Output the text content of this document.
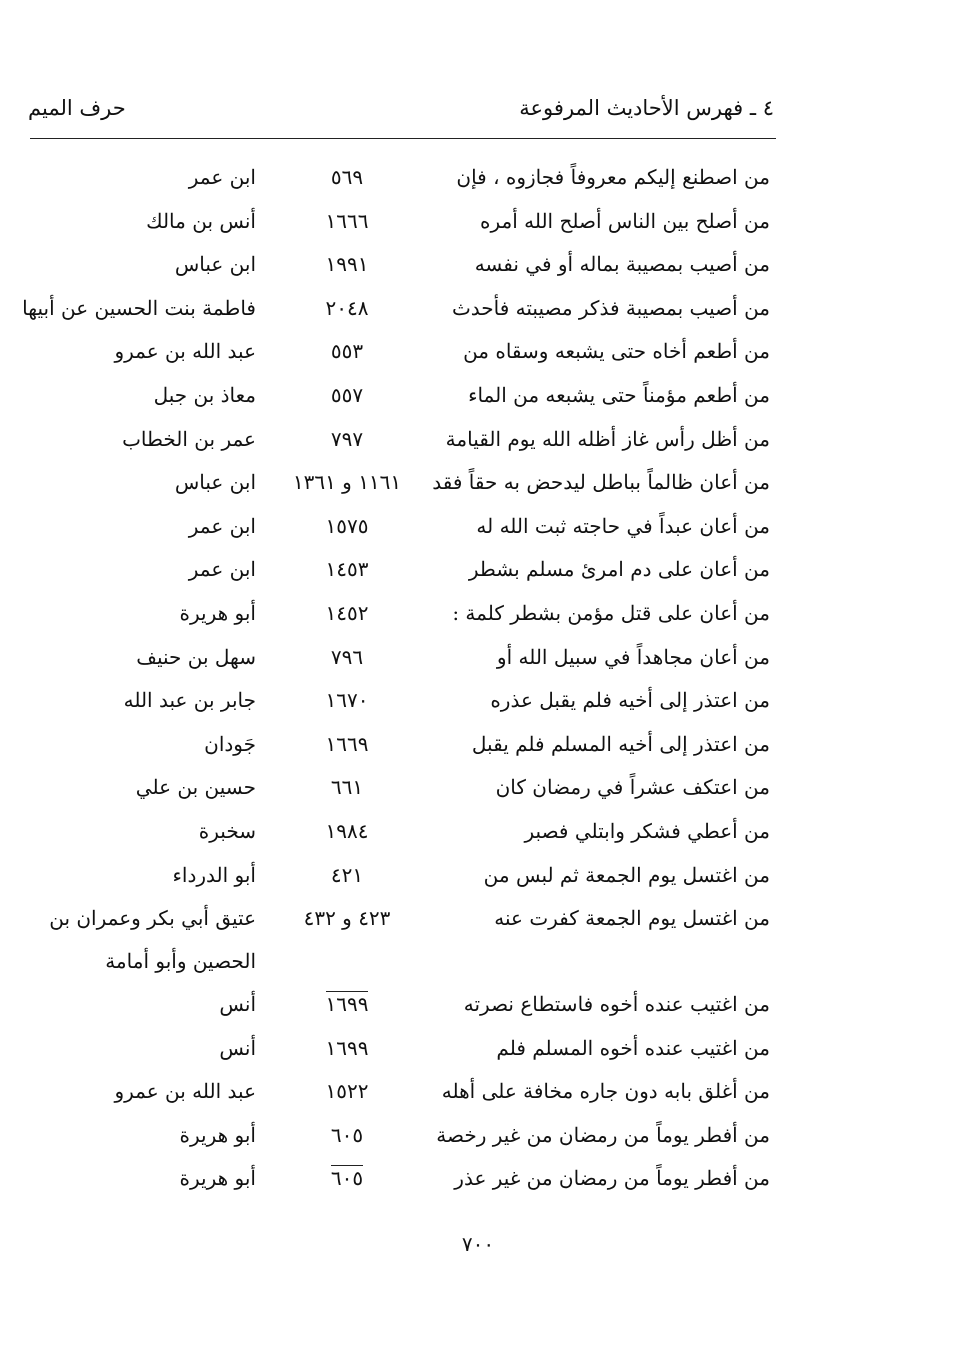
٤ ـ فهرس الأحاديث المرفوعة
حرف الميم
من اصطنع إليكم معروفاً فجازوه ، فإن
٥٦٩
ابن عمر
من أصلح بين الناس أصلح الله أمره
١٦٦٦
أنس بن مالك
من أصيب بمصيبة بماله أو في نفسه
١٩٩١
ابن عباس
من أصيب بمصيبة فذكر مصيبته فأحدث
٢٠٤٨
فاطمة بنت الحسين عن أبيها
من أطعم أخاه حتى يشبعه وسقاه من
٥٥٣
عبد الله بن عمرو
من أطعم مؤمناً حتى يشبعه من الماء
٥٥٧
معاذ بن جبل
من أظل رأس غاز أظله الله يوم القيامة
٧٩٧
عمر بن الخطاب
من أعان ظالماً بباطل ليدحض به حقاً فقد
١١٦١ و ١٣٦١
ابن عباس
من أعان عبداً في حاجته ثبت الله له
١٥٧٥
ابن عمر
من أعان على دم امرئ مسلم بشطر
١٤٥٣
ابن عمر
من أعان على قتل مؤمن بشطر كلمة :
١٤٥٢
أبو هريرة
من أعان مجاهداً في سبيل الله أو
٧٩٦
سهل بن حنيف
من اعتذر إلى أخيه فلم يقبل عذره
١٦٧٠
جابر بن عبد الله
من اعتذر إلى أخيه المسلم فلم يقبل
١٦٦٩
جَودان
من اعتكف عشراً في رمضان كان
٦٦١
حسين بن علي
من أعطي فشكر وابتلي فصبر
١٩٨٤
سخبرة
من اغتسل يوم الجمعة ثم لبس من
٤٢١
أبو الدرداء
من اغتسل يوم الجمعة كفرت عنه
٤٢٣ و ٤٣٢
عتيق أبي بكر وعمران بن الحصين وأبو أمامة
من اغتيب عنده أخوه فاستطاع نصرته
١٦٩٩
أنس
من اغتيب عنده أخوه المسلم فلم
١٦٩٩
أنس
من أغلق بابه دون جاره مخافة على أهله
١٥٢٢
عبد الله بن عمرو
من أفطر يوماً من رمضان من غير رخصة
٦٠٥
أبو هريرة
من أفطر يوماً من رمضان من غير عذر
٦٠٥
أبو هريرة
٧٠٠
